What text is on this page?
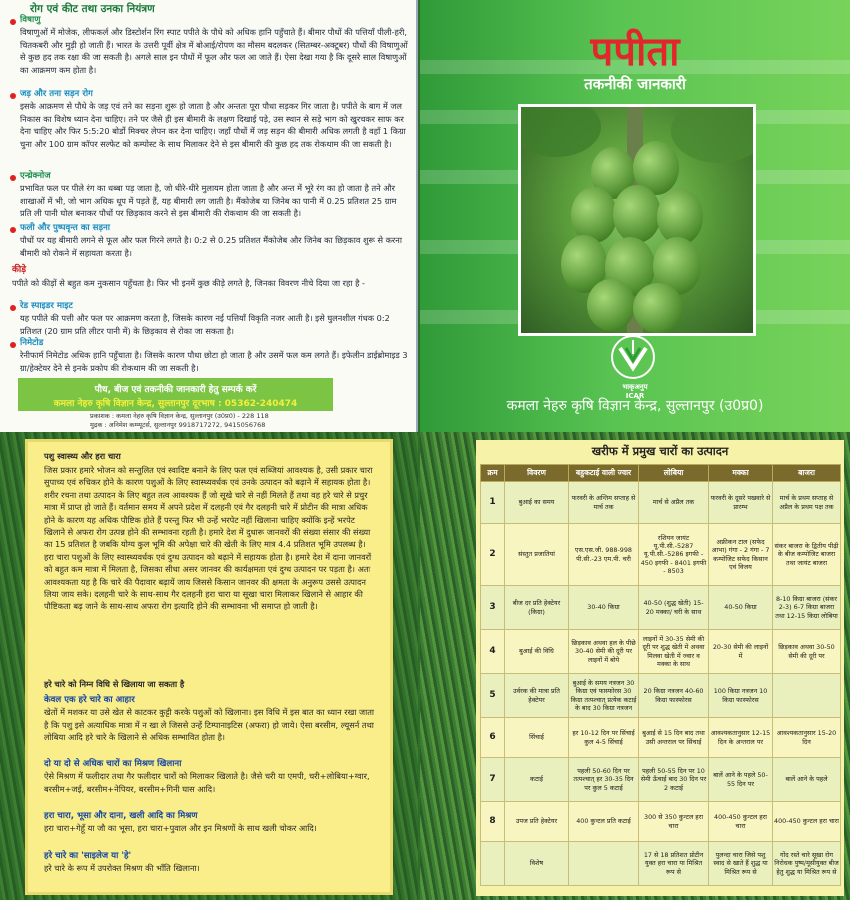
रोग एवं कीट तथा उनका नियंत्रण
विषाणु
विषाणुओं में मोजेक, लीफकर्ल और डिस्टोर्शन रिंग स्पाट पपीते के पौधे को अधिक हानि पहुँचाते हैं। बीमार पौधों की पत्तियाँ पीली-हरी, चितकबरी और मुड़ी हो जाती हैं। भारत के उत्तरी पूर्वी क्षेत्र में बोआई/रोपण का मौसम बदलकर (सितम्बर-अक्टूबर) पौधों की विषाणुओं से कुछ हद तक रक्षा की जा सकती है। अगले साल इन पौधों में फूल और फल आ जाते हैं। ऐसा देखा गया है कि दूसरे साल विषाणुओं का आक्रमण कम होता है।
जड़ और तना सड़न रोग
इसके आक्रमण से पौधे के जड़ एवं तने का सड़ना शुरू हो जाता है और अन्ततः पूरा पौधा सड़कर गिर जाता है। पपीते के बाग में जल निकास का विशेष ध्यान देना चाहिए। तने पर जैसे ही इस बीमारी के लक्षण दिखाई पड़े, उस स्थान से सड़े भाग को खुरचकर साफ कर देना चाहिए और फिर 5:5:20 बोर्डो मिक्चर लेपन कर देना चाहिए। जहाँ पौधों में जड़ सड़न की बीमारी अधिक लगती है वहाँ 1 किग्रा चुना और 100 ग्राम कॉपर सल्फेट को कम्पोस्ट के साथ मिलाकर देने से इस बीमारी की कुछ हद तक रोकथाम की जा सकती है।
एन्थ्रेक्नोज
प्रभावित फल पर पीले रंग का धब्बा पड़ जाता है, जो धीरे-धीरे मुलायम होता जाता है और अन्त में भूरे रंग का हो जाता है तने और शाखाओं में भी, जो भाग अधिक धूप में पड़ते हैं, यह बीमारी लग जाती है। मैंकोजेब या जिनेब का पानी में 0.25 प्रतिशत 25 ग्राम प्रति ली पानी घोल बनाकर पौधों पर छिड़काव करने से इस बीमारी की रोकथाम की जा सकती है।
फली और पुष्पवृन्त का सड़ना
पौधों पर यह बीमारी लगने से फूल और फल गिरने लगते है। 0:2 से 0.25 प्रतिशत मैंकोजेब और जिनेब का छिड़काव शुरू से करना बीमारी को रोकने में सहायता करता है।
कीड़े
पपीते को कीड़ों से बहुत कम नुकसान पहुँचता है। फिर भी इनमें कुछ कीड़े लगते है, जिनका विवरण नीचे दिया जा रहा है -
रेड स्पाइडर माइट
यह पपीते की पत्ती और फल पर आक्रमण करता है, जिसके कारण नई पत्तियाँ विकृति नजर आती है। इसे घुलनशील गंधक 0:2 प्रतिशत (20 ग्राम प्रति लीटर पानी में) के छिड़काव से रोका जा सकता है।
निमेटोड
रेनीफार्म निमेटोड अधिक हानि पहुँचाता है। जिसके कारण पौधा छोटा हो जाता है और उसमें फल कम लगते हैं। इफेलीन डाईब्रोमाइड 3 ग्रा/हेक्टेयर देने से इनके प्रकोप की रोकथाम की जा सकती है।
पौध, बीज एवं तकनीकी जानकारी हेतु सम्पर्क करें
कमला नेहरु कृषि विज्ञान केन्द्र, सुल्तानपुर दूरभाष : 05362-240474
प्रकाशक : कमला नेहरु कृषि विज्ञान केन्द्र, सुल्तानपुर (उ0प्र0) - 228 118
मुद्रक : अनिमेश कम्प्यूटर्स, सुल्तानपुर 9918717272, 9415056768
पपीता
तकनीकी जानकारी
भाकृअनुप
ICAR
कमला नेहरु कृषि विज्ञान केन्द्र, सुल्तानपुर (उ0प्र0)
पशु स्वास्थ्य और हरा चारा
जिस प्रकार हमारे भोजन को सन्तुलित एवं स्वादिष्ट बनाने के लिए फल एवं सब्जियां आवश्यक है, उसी प्रकार चारा सुपाच्य एवं रुचिकर होने के कारण पशुओं के लिए स्वास्थ्यवर्धक एवं उनके उत्पादन को बढ़ाने में सहायक होता है। शरीर रचना तथा उत्पादन के लिए बहुत तत्व आवश्यक हैं जो सूखे चारे से नहीं मिलते हैं तथा वह हरे चारे से प्रचुर मात्रा में प्राप्त हो जाते हैं। वर्तमान समय में अपने प्रदेश में दलहनी एवं गैर दलहनी चारे में प्रोटीन की मात्रा अधिक होने के कारण यह अधिक पौष्टिक होते हैं परन्तु फिर भी उन्हें भरपेट नहीं खिलाना चाहिए क्योंकि इन्हें भरपेट खिलाने से अफरा रोग उत्पन्न होने की सम्भावना रहती है। हमारे देश में दुधारू जानवरों की संख्या संसार की संख्या का 15 प्रतिशत है जबकि योग्य कुल भूमि की अपेक्षा चारे की खेती के लिए मात्र 4.4 प्रतिशत भूमि उपलब्ध है। हरा चारा पशुओं के लिए स्वास्थ्यवर्धक एवं दुग्ध उत्पादन को बढ़ाने में सहायक होता है। हमारे देश में दाना जानवरों को बहुत कम मात्रा में मिलता है, जिसका सीधा असर जानवर की कार्यक्षमता एवं दुग्ध उत्पादन पर पड़ता है। अतः आवश्यकता यह है कि चारे की पैदावार बढ़ायें जाय जिससे किसान जानवर की क्षमता के अनुरूप उससे उत्पादन लिया जाय सके। दलहनी चारे के साथ-साथ गैर दलहनी हरा चारा या सूखा चारा मिलाकर खिलाने से आहार की पौष्टिकता बढ़ जाने के साथ-साथ अफरा रोग इत्यादि होने की सम्भावना भी समाप्त हो जाती है।
हरे चारे को निम्न विधि से खिलाया जा सकता है
केवल एक हरे चारे का आहार
खेतों में मशकर या उसे खेत से काटकर कुट्टी करके पशुओं को खिलाना। इस विधि में इस बात का ध्यान रखा जाता है कि पशु इसे अत्याधिक मात्रा में न खा ले जिससे उन्हें टिम्पानाइटिस (अफरा) हो जाये। ऐसा बरसीम, ल्यूसर्न तथा लोबिया आदि हरे चारे के खिलाने से अधिक सम्भावित होता है।
दो या दो से अधिक चारों का मिश्रण खिलाना
ऐसे मिश्रण में फलीदार तथा गैर फलीदार चारों को मिलाकर खिलाते है। जैसे चरी या एमपी, चरी+लोबिया+ग्वार, बरसीम+जई, बरसीम+नेपियर, बरसीम+गिनी घास आदि।
हरा चारा, भूसा और दाना, खली आदि का मिश्रण
हरा चारा+गेहूँ या जौ का भूसा, हरा चारा+पुवाल और इन मिश्रणों के साथ खली चोकर आदि।
हरे चारे का 'साइलेज या 'हे'
हरे चारे के रूप में उपरोक्त मिश्रण की भाँति खिलाना।
खरीफ में प्रमुख चारों का उत्पादन
क्रम	विवरण	बहुकटाई वाली ज्वार	लोबिया	मक्का	बाजरा
1	बुआई का समय	फरवरी के अन्तिम सप्ताह से मार्च तक	मार्च से अप्रैल तक	फरवरी के दूसरे पखवारे से प्रारम्भ	मार्च के प्रथम सप्ताह से अप्रैल के प्रथम पक्ष तक
2	संस्तुत प्रजातियां	एस.एस.जी. 988-998 पी.सी.-23 एम.पी. चरी	रशियन जायंट यू.पी.सी.-5287 यू.पी.सी.-5286 इगफी - 450 इगफी - 8401 इगफी - 8503	अफ्रीकन टाल (सफेद आभा) गंगा - 2 गंगा - 7 कम्पोजिट सफेद किसान एवं विजय	संकर बाजरा के द्वितीय पीढ़ी के बीज कम्पोजिट बाजरा तथा जायंट बाजरा
3	बीज दर प्रति हेक्टेयर (किग्रा)	30-40 किग्रा	40-50 (शुद्ध खेती) 15-20 मक्का/ चरी के साथ	40-50 किग्रा	8-10 किग्रा बाजरा (संकर 2-3) 6-7 किग्रा बाजरा तथा 12-15 किग्रा लोबिया
4	बुआई की विधि	छिड़काव अथवा हल के पीछे 30-40 सेमी की दूरी पर लाइनों में बोये	लाइनों में 30-35 सेमी की दूरी पर शुद्ध खेती में अथवा मिलवा खेती में ज्वार व मक्का के साथ	20-30 सेमी की लाइनों में	छिड़काव अथवा 30-50 सेमी की दूरी पर
5	उर्वरक की मात्रा प्रति हेक्टेयर	बुआई के समय नत्रजन 30 किग्रा एवं फास्फोरस 30 किग्रा तत्पश्चात् प्रत्येक कटाई के बाद 30 किग्रा नत्रजन	20 किग्रा नत्रजन 40-60 किग्रा फास्फोरस	100 किग्रा नत्रजन 10 किग्रा फास्फोरस	
6	सिंचाई	हर 10-12 दिन पर सिंचाई कुल 4-5 सिंचाई	बुआई से 15 दिन बाद तथा उसी अन्तराल पर सिंचाई	आवश्यकतानुसार 12-15 दिन के अन्तराल पर	आवश्यकतानुसार 15-20 दिन
7	कटाई	पहली 50-60 दिन पर तत्पश्चात् हर 30-35 दिन पर कुल 5 कटाई	पहली 50-55 दिन पर 10 सेमी ऊँचाई बाद 30 दिन पर 2 कटाई	बालें आने के पहले 50-55 दिन पर	बालें आने के पहले
8	उपज प्रति हेक्टेयर	400 कुन्टल प्रति कटाई	300 से 350 कुन्टल हरा चारा	400-450 कुन्टल हरा चारा	400-450 कुन्टल हरा चारा
	विशेष		17 से 18 प्रतिशत प्रोटीन युक्त हरा चारा या मिश्रित रूप से	पुलन्दा चारा जिसे पशु स्वाद से खाते हैं शुद्ध या मिश्रित रूप से	गोंद रस्ते चारे सूखा रोग निरोधक पुष्प/मूसीयुक्त बीज हेतु शुद्ध या मिश्रित रूप से
